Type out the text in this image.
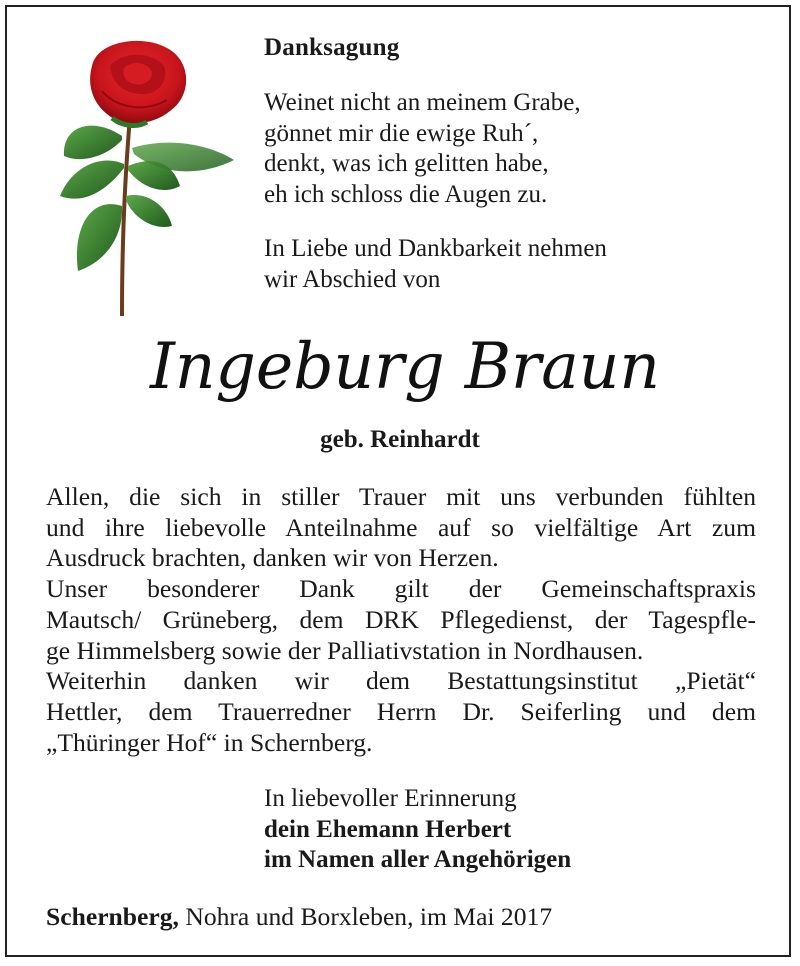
Danksagung
Weinet nicht an meinem Grabe,
gönnet mir die ewige Ruh´,
denkt, was ich gelitten habe,
eh ich schloss die Augen zu.
In Liebe und Dankbarkeit nehmen
wir Abschied von
Ingeburg Braun
geb. Reinhardt

Allen, die sich in stiller Trauer mit uns verbunden fühlten

und ihre liebevolle Anteilnahme auf so vielfältige Art zum

Ausdruck brachten, danken wir von Herzen.

Unser besonderer Dank gilt der Gemeinschaftspraxis

Mautsch/ Grüneberg, dem DRK Pflegedienst, der Tagespfle-

ge Himmelsberg sowie der Palliativstation in Nordhausen.

Weiterhin danken wir dem Bestattungsinstitut „Pietät“

Hettler, dem Trauerredner Herrn Dr. Seiferling und dem

„Thüringer Hof“ in Schernberg.

In liebevoller Erinnerung
dein Ehemann Herbert
im Namen aller Angehörigen
Schernberg, Nohra und Borxleben, im Mai 2017
